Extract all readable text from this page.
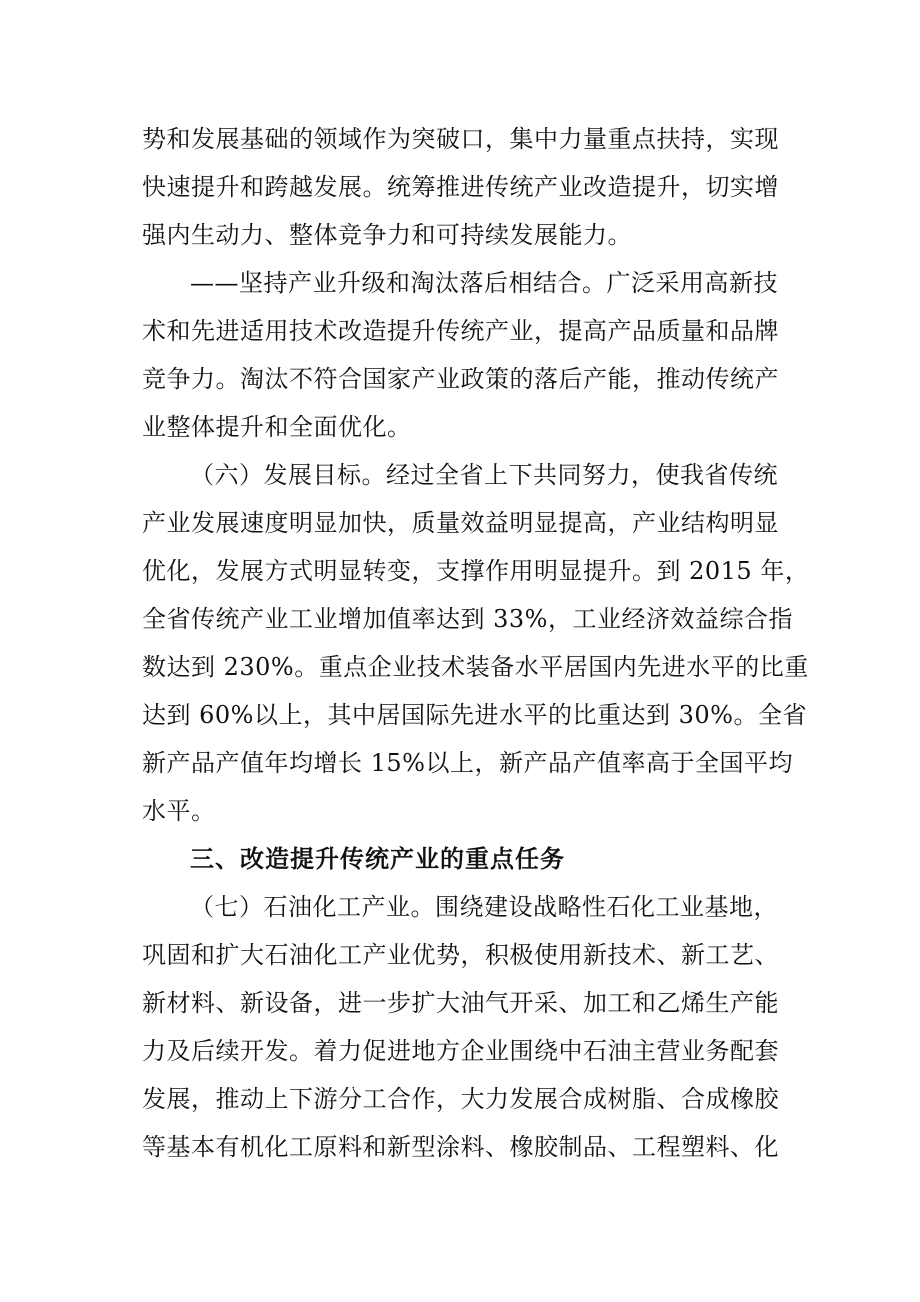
势和发展基础的领域作为突破口，集中力量重点扶持，实现
快速提升和跨越发展。统筹推进传统产业改造提升，切实增
强内生动力、整体竞争力和可持续发展能力。
——坚持产业升级和淘汰落后相结合。广泛采用高新技
术和先进适用技术改造提升传统产业，提高产品质量和品牌
竞争力。淘汰不符合国家产业政策的落后产能，推动传统产
业整体提升和全面优化。
（六）发展目标。经过全省上下共同努力，使我省传统
产业发展速度明显加快，质量效益明显提高，产业结构明显
优化，发展方式明显转变，支撑作用明显提升。到 2015 年，
全省传统产业工业增加值率达到 33%，工业经济效益综合指
数达到 230%。重点企业技术装备水平居国内先进水平的比重
达到 60%以上，其中居国际先进水平的比重达到 30%。全省
新产品产值年均增长 15%以上，新产品产值率高于全国平均
水平。
三、改造提升传统产业的重点任务
（七）石油化工产业。围绕建设战略性石化工业基地，
巩固和扩大石油化工产业优势，积极使用新技术、新工艺、
新材料、新设备，进一步扩大油气开采、加工和乙烯生产能
力及后续开发。着力促进地方企业围绕中石油主营业务配套
发展，推动上下游分工合作，大力发展合成树脂、合成橡胶
等基本有机化工原料和新型涂料、橡胶制品、工程塑料、化
